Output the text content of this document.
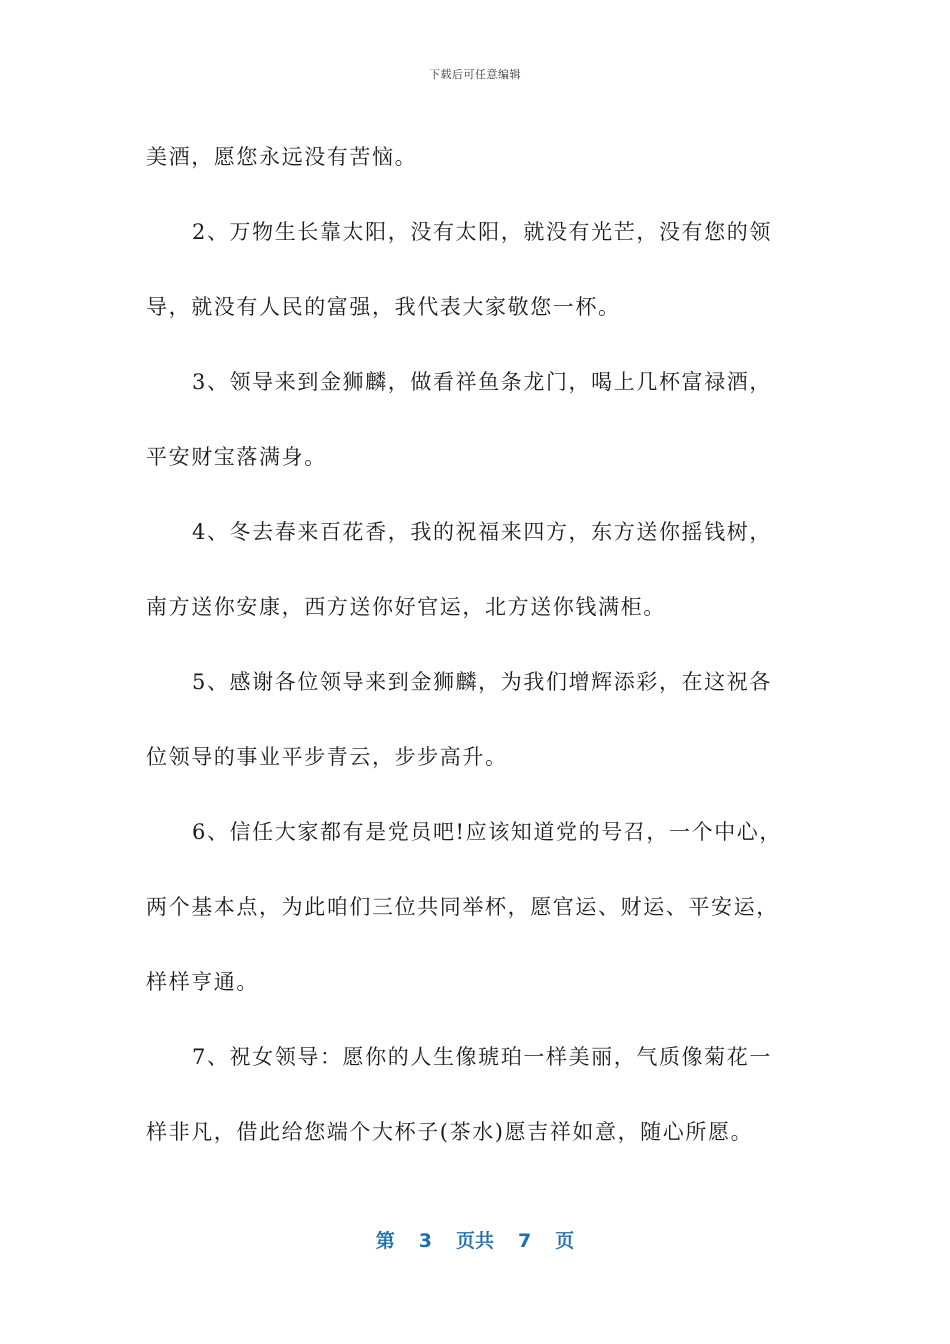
下载后可任意编辑
美酒，愿您永远没有苦恼。
2、万物生长靠太阳，没有太阳，就没有光芒，没有您的领
导，就没有人民的富强，我代表大家敬您一杯。
3、领导来到金狮麟，做看祥鱼条龙门，喝上几杯富禄酒，
平安财宝落满身。
4、冬去春来百花香，我的祝福来四方，东方送你摇钱树，
南方送你安康，西方送你好官运，北方送你钱满柜。
5、感谢各位领导来到金狮麟，为我们增辉添彩，在这祝各
位领导的事业平步青云，步步高升。
6、信任大家都有是党员吧!应该知道党的号召，一个中心，
两个基本点，为此咱们三位共同举杯，愿官运、财运、平安运，
样样亨通。
7、祝女领导：愿你的人生像琥珀一样美丽，气质像菊花一
样非凡，借此给您端个大杯子(茶水)愿吉祥如意，随心所愿。
第 3 页共 7 页
